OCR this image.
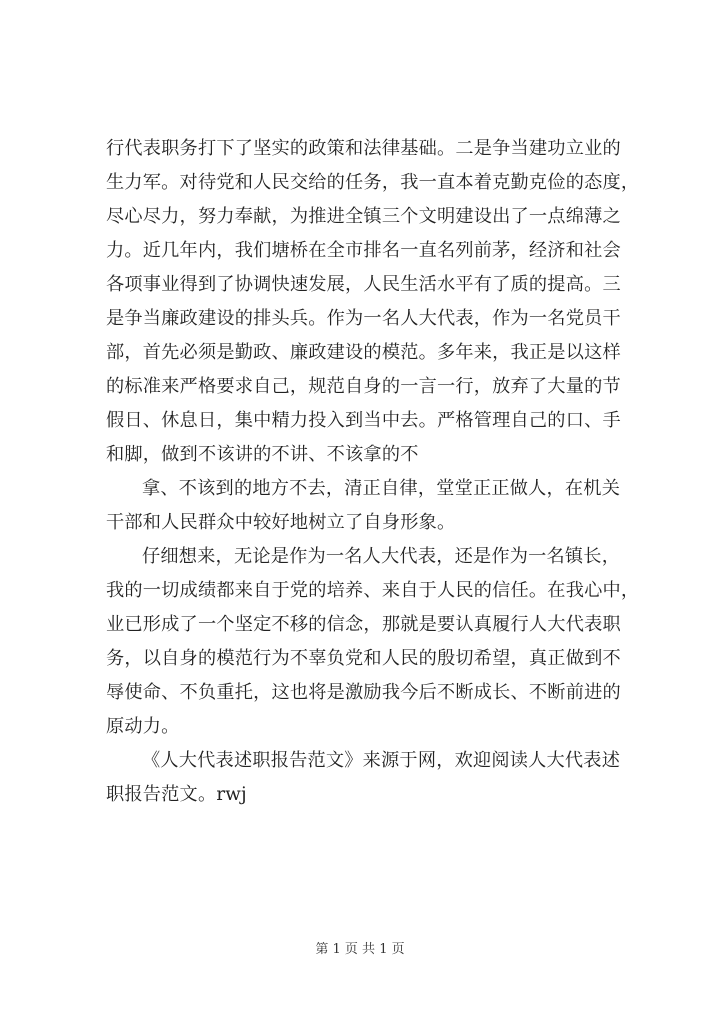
行代表职务打下了坚实的政策和法律基础。二是争当建功立业的
生力军。对待党和人民交给的任务，我一直本着克勤克俭的态度，
尽心尽力，努力奉献，为推进全镇三个文明建设出了一点绵薄之
力。近几年内，我们塘桥在全市排名一直名列前茅，经济和社会
各项事业得到了协调快速发展，人民生活水平有了质的提高。三
是争当廉政建设的排头兵。作为一名人大代表，作为一名党员干
部，首先必须是勤政、廉政建设的模范。多年来，我正是以这样
的标准来严格要求自己，规范自身的一言一行，放弃了大量的节
假日、休息日，集中精力投入到当中去。严格管理自己的口、手
和脚，做到不该讲的不讲、不该拿的不
拿、不该到的地方不去，清正自律，堂堂正正做人，在机关
干部和人民群众中较好地树立了自身形象。
仔细想来，无论是作为一名人大代表，还是作为一名镇长，
我的一切成绩都来自于党的培养、来自于人民的信任。在我心中，
业已形成了一个坚定不移的信念，那就是要认真履行人大代表职
务，以自身的模范行为不辜负党和人民的殷切希望，真正做到不
辱使命、不负重托，这也将是激励我今后不断成长、不断前进的
原动力。
《人大代表述职报告范文》来源于网，欢迎阅读人大代表述
职报告范文。rwj
第 1 页 共 1 页
